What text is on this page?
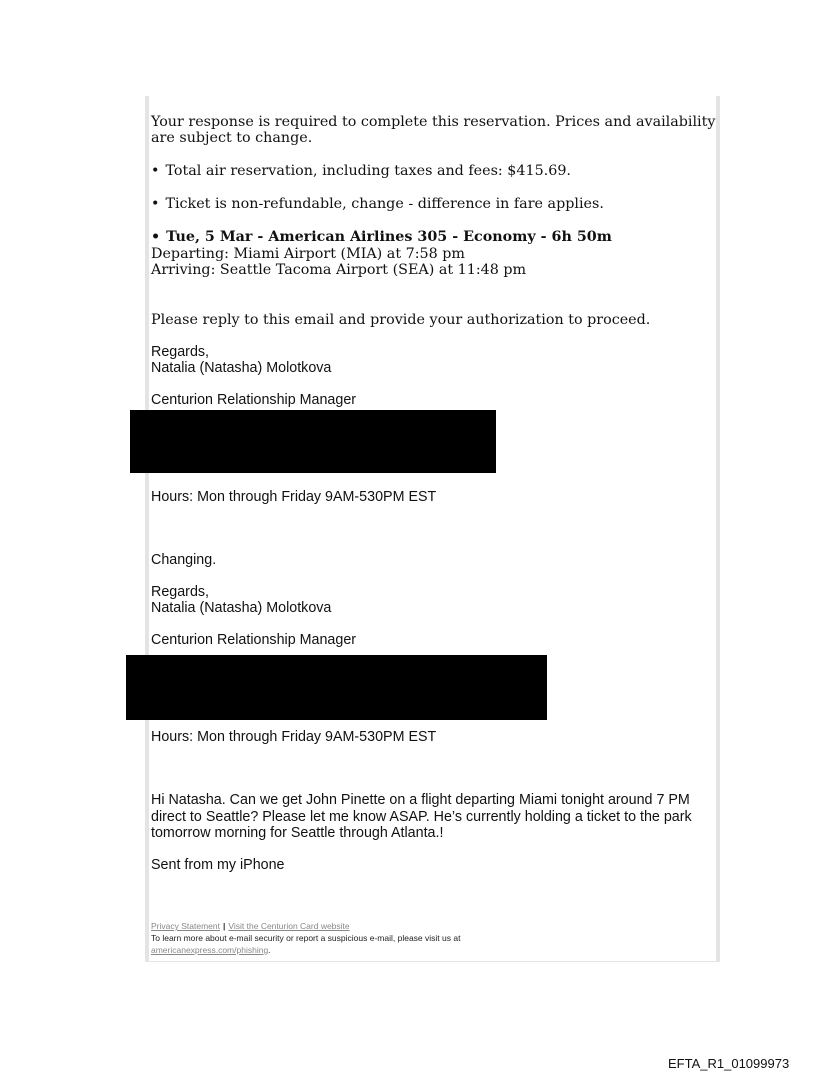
Your response is required to complete this reservation. Prices and availability

are subject to change.

• Total air reservation, including taxes and fees: $415.69.

• Ticket is non-refundable, change - difference in fare applies.

• Tue, 5 Mar - American Airlines 305 - Economy - 6h 50m

Departing: Miami Airport (MIA) at 7:58 pm

Arriving: Seattle Tacoma Airport (SEA) at 11:48 pm

Please reply to this email and provide your authorization to proceed.

Regards,

Natalia (Natasha) Molotkova

Centurion Relationship Manager

Hours: Mon through Friday 9AM-530PM EST

Changing.

Regards,

Natalia (Natasha) Molotkova

Centurion Relationship Manager

Hours: Mon through Friday 9AM-530PM EST

Hi Natasha. Can we get John Pinette on a flight departing Miami tonight around 7 PM

direct to Seattle? Please let me know ASAP. He’s currently holding a ticket to the park

tomorrow morning for Seattle through Atlanta.!

Sent from my iPhone

Privacy Statement | Visit the Centurion Card website
To learn more about e-mail security or report a suspicious e-mail, please visit us at
americanexpress.com/phishing.
EFTA_R1_01099973
